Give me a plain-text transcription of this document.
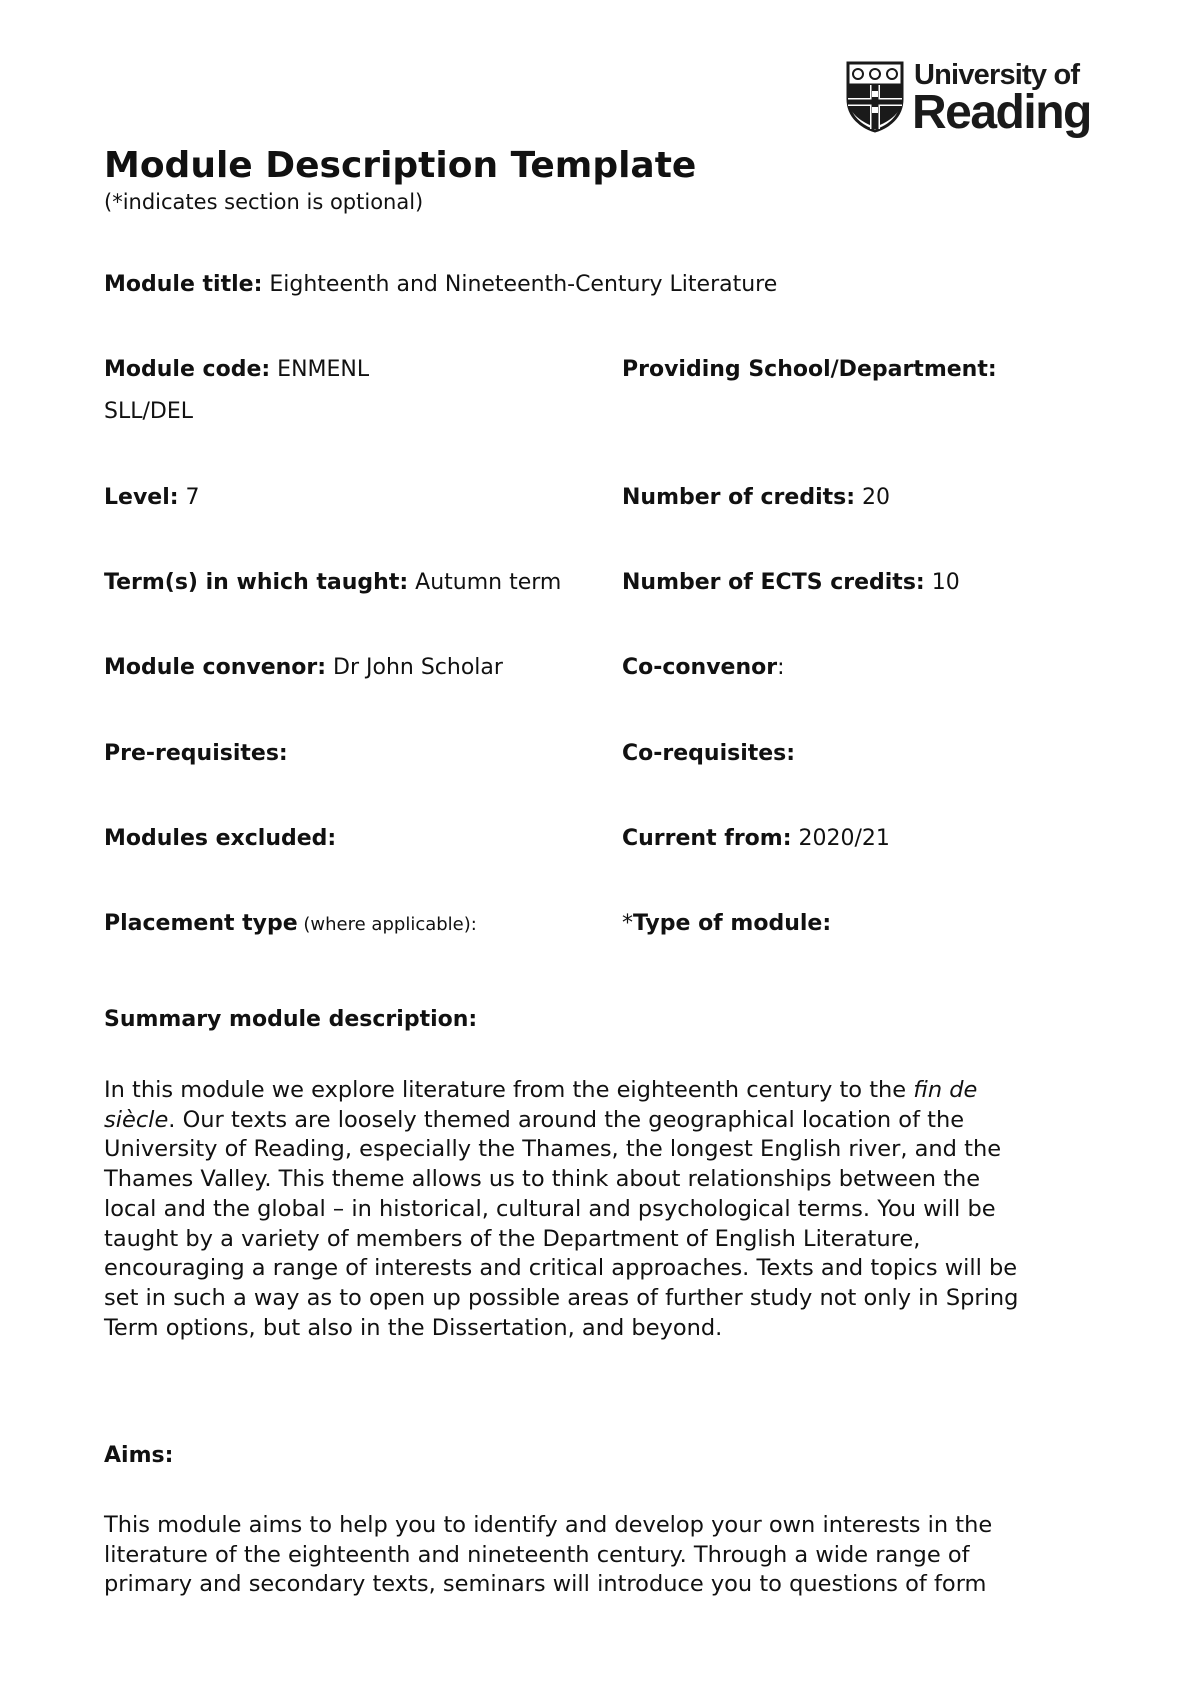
University of
Reading
Module Description Template
(*indicates section is optional)
Module title: Eighteenth and Nineteenth-Century Literature
Module code: ENMENL	Providing School/Department:
SLL/DEL
Level: 7	Number of credits: 20
Term(s) in which taught: Autumn term	Number of ECTS credits: 10
Module convenor: Dr John Scholar	Co-convenor:
Pre-requisites:	Co-requisites:
Modules excluded:	Current from: 2020/21
Placement type (where applicable):	*Type of module:
Summary module description:
In this module we explore literature from the eighteenth century to the fin de
siècle. Our texts are loosely themed around the geographical location of the
University of Reading, especially the Thames, the longest English river, and the
Thames Valley. This theme allows us to think about relationships between the
local and the global – in historical, cultural and psychological terms. You will be
taught by a variety of members of the Department of English Literature,
encouraging a range of interests and critical approaches. Texts and topics will be
set in such a way as to open up possible areas of further study not only in Spring
Term options, but also in the Dissertation, and beyond.
Aims:
This module aims to help you to identify and develop your own interests in the
literature of the eighteenth and nineteenth century. Through a wide range of
primary and secondary texts, seminars will introduce you to questions of form
